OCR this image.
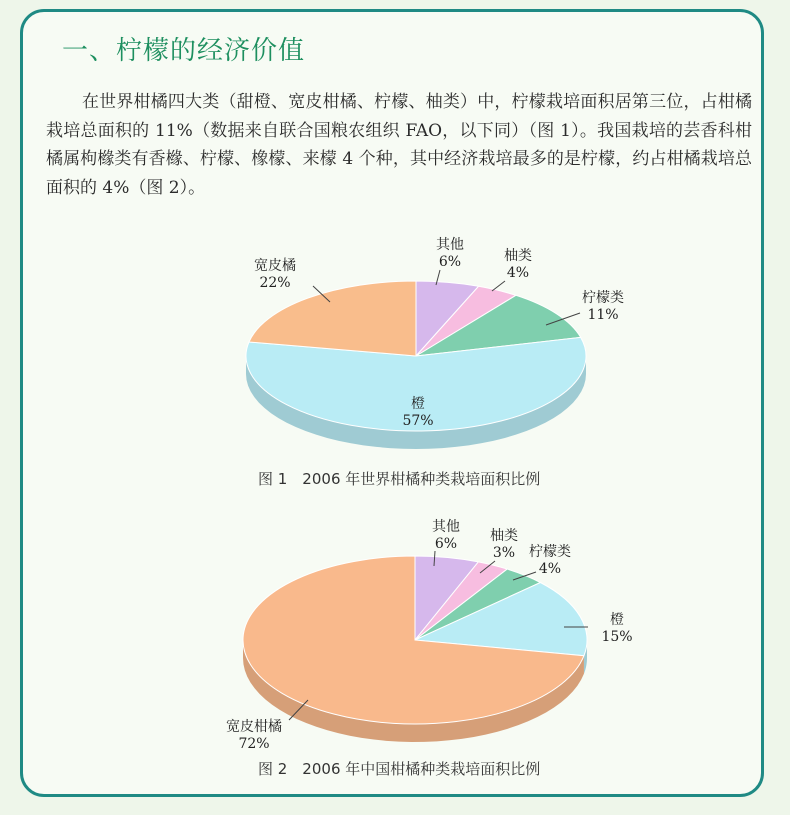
一、柠檬的经济价值

在世界柑橘四大类（甜橙、宽皮柑橘、柠檬、柚类）中，柠檬栽培面积居第三位，占柑橘栽培总面积的 11%（数据来自联合国粮农组织 FAO，以下同）（图 1）。我国栽培的芸香科柑橘属枸橼类有香橼、柠檬、橡檬、来檬 4 个种，其中经济栽培最多的是柠檬，约占柑橘栽培总面积的 4%（图 2）。

其他
6%	柚类
4%
柠檬类
11%
橙
57%
宽皮橘
22%
图 1　2006 年世界柑橘种类栽培面积比例
其他
6% 柚类
3% 柠檬类
4%
橙
15%
宽皮柑橘
72%
图 2　2006 年中国柑橘种类栽培面积比例
